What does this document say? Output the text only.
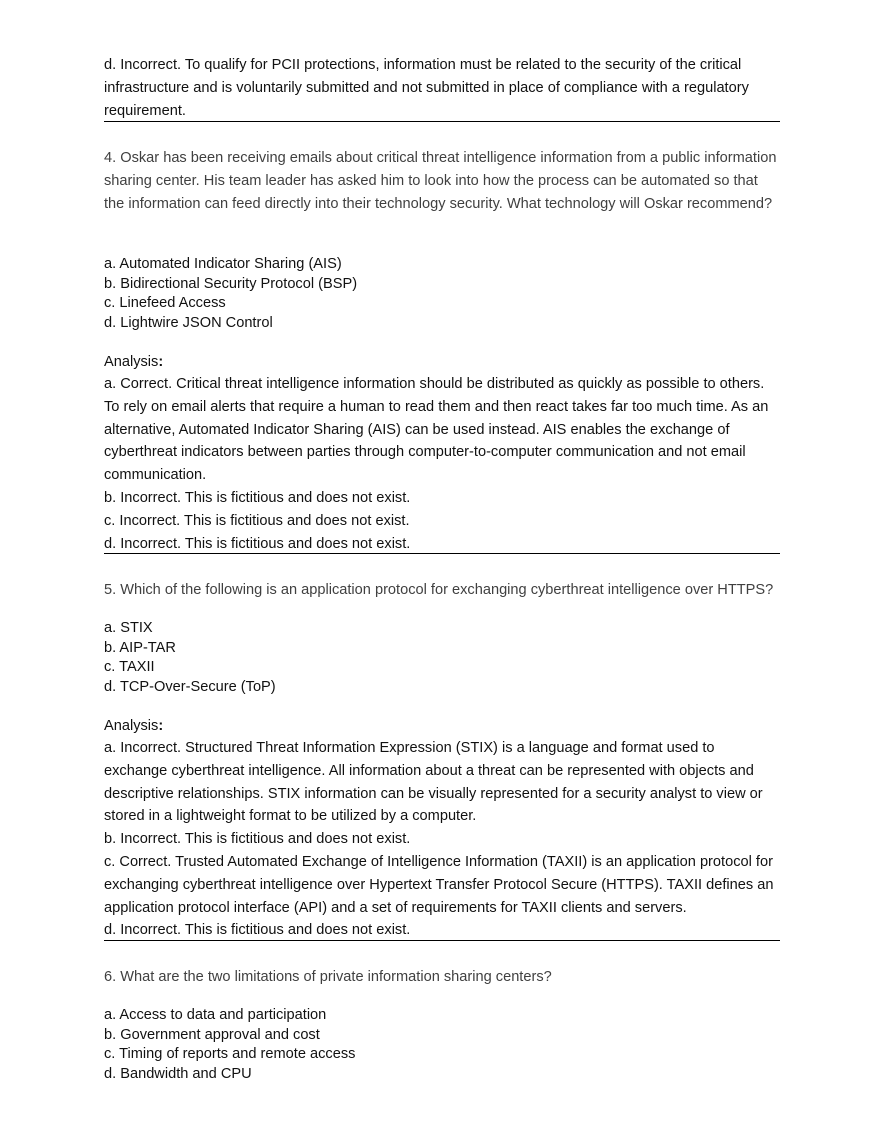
d. Incorrect. To qualify for PCII protections, information must be related to the security of the critical infrastructure and is voluntarily submitted and not submitted in place of compliance with a regulatory requirement.

4. Oskar has been receiving emails about critical threat intelligence information from a public information sharing center. His team leader has asked him to look into how the process can be automated so that the information can feed directly into their technology security. What technology will Oskar recommend?

a. Automated Indicator Sharing (AIS)

b. Bidirectional Security Protocol (BSP)

c. Linefeed Access

d. Lightwire JSON Control

Analysis:

a. Correct. Critical threat intelligence information should be distributed as quickly as possible to others. To rely on email alerts that require a human to read them and then react takes far too much time. As an alternative, Automated Indicator Sharing (AIS) can be used instead. AIS enables the exchange of cyberthreat indicators between parties through computer-to-computer communication and not email communication.

b. Incorrect. This is fictitious and does not exist.

c. Incorrect. This is fictitious and does not exist.

d. Incorrect. This is fictitious and does not exist.

5. Which of the following is an application protocol for exchanging cyberthreat intelligence over HTTPS?

a. STIX

b. AIP-TAR

c. TAXII

d. TCP-Over-Secure (ToP)

Analysis:

a. Incorrect. Structured Threat Information Expression (STIX) is a language and format used to exchange cyberthreat intelligence. All information about a threat can be represented with objects and descriptive relationships. STIX information can be visually represented for a security analyst to view or stored in a lightweight format to be utilized by a computer.

b. Incorrect. This is fictitious and does not exist.

c. Correct. Trusted Automated Exchange of Intelligence Information (TAXII) is an application protocol for exchanging cyberthreat intelligence over Hypertext Transfer Protocol Secure (HTTPS). TAXII defines an application protocol interface (API) and a set of requirements for TAXII clients and servers.

d. Incorrect. This is fictitious and does not exist.

6. What are the two limitations of private information sharing centers?

a. Access to data and participation

b. Government approval and cost

c. Timing of reports and remote access

d. Bandwidth and CPU
